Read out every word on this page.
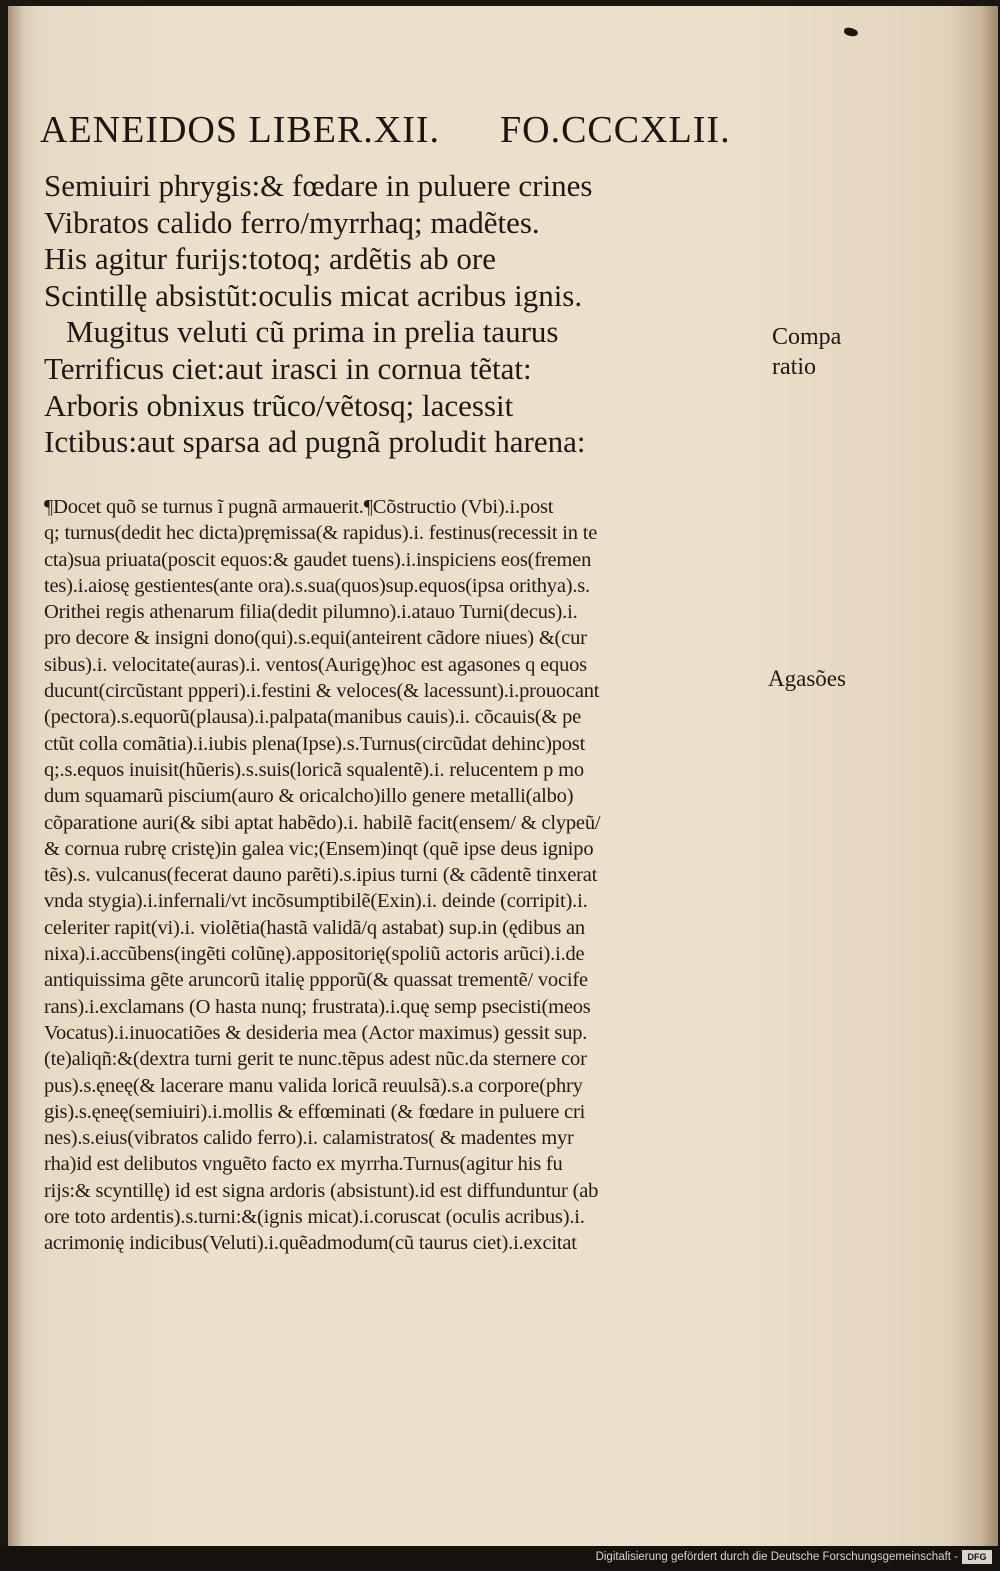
AENEIDOS LIBER.XII. FO.CCCXLII.
Semiuiri phrygis:& fœdare in puluere crines
Vibratos calido ferro/myrrhaq; madẽtes.
His agitur furijs:totoq; ardẽtis ab ore
Scintillę absistũt:oculis micat acribus ignis.
Mugitus veluti cũ prima in prelia taurus
Terrificus ciet:aut irasci in cornua tẽtat:
Arboris obnixus trũco/vẽtosq; lacessit
Ictibus:aut sparsa ad pugnã proludit harena:
Compa
ratio
Agasões
¶Docet quõ se turnus ĩ pugnã armauerit.¶Cõstructio (Vbi).i.post
q; turnus(dedit hec dicta)pręmissa(& rapidus).i. festinus(recessit in te
cta)sua priuata(poscit equos:& gaudet tuens).i.inspiciens eos(fremen
tes).i.aiosę gestientes(ante ora).s.sua(quos)sup.equos(ipsa orithya).s.
Orithei regis athenarum filia(dedit pilumno).i.atauo Turni(decus).i.
pro decore & insigni dono(qui).s.equi(anteirent cãdore niues) &(cur
sibus).i. velocitate(auras).i. ventos(Aurigę)hoc est agasones q equos
ducunt(circũstant ppperi).i.festini & veloces(& lacessunt).i.prouocant
(pectora).s.equorũ(plausa).i.palpata(manibus cauis).i. cõcauis(& pe
ctũt colla comãtia).i.iubis plena(Ipse).s.Turnus(circũdat dehinc)post
q;.s.equos inuisit(hũeris).s.suis(loricã squalentẽ).i. relucentem p mo
dum squamarũ piscium(auro & oricalcho)illo genere metalli(albo)
cõparatione auri(& sibi aptat habẽdo).i. habilẽ facit(ensem/ & clypeũ/
& cornua rubrę cristę)in galea vic;(Ensem)inqt (quẽ ipse deus ignipo
tẽs).s. vulcanus(fecerat dauno parẽti).s.ipius turni (& cãdentẽ tinxerat
vnda stygia).i.infernali/vt incõsumptibilẽ(Exin).i. deinde (corripit).i.
celeriter rapit(vi).i. violẽtia(hastã validã/q astabat) sup.in (ędibus an
nixa).i.accũbens(ingẽti colũnę).appositorię(spoliũ actoris arũci).i.de
antiquissima gẽte aruncorũ italię ppporũ(& quassat trementẽ/ vocife
rans).i.exclamans (O hasta nunq; frustrata).i.quę semp psecisti(meos
Vocatus).i.inuocatiões & desideria mea (Actor maximus) gessit sup.
(te)aliqñ:&(dextra turni gerit te nunc.tẽpus adest nũc.da sternere cor
pus).s.ęneę(& lacerare manu valida loricã reuulsã).s.a corpore(phry
gis).s.ęneę(semiuiri).i.mollis & effœminati (& fœdare in puluere cri
nes).s.eius(vibratos calido ferro).i. calamistratos( & madentes myr
rha)id est delibutos vnguẽto facto ex myrrha.Turnus(agitur his fu
rijs:& scyntillę) id est signa ardoris (absistunt).id est diffunduntur (ab
ore toto ardentis).s.turni:&(ignis micat).i.coruscat (oculis acribus).i.
acrimonię indicibus(Veluti).i.quẽadmodum(cũ taurus ciet).i.excitat
Digitalisierung gefördert durch die Deutsche Forschungsgemeinschaft -	DFG
